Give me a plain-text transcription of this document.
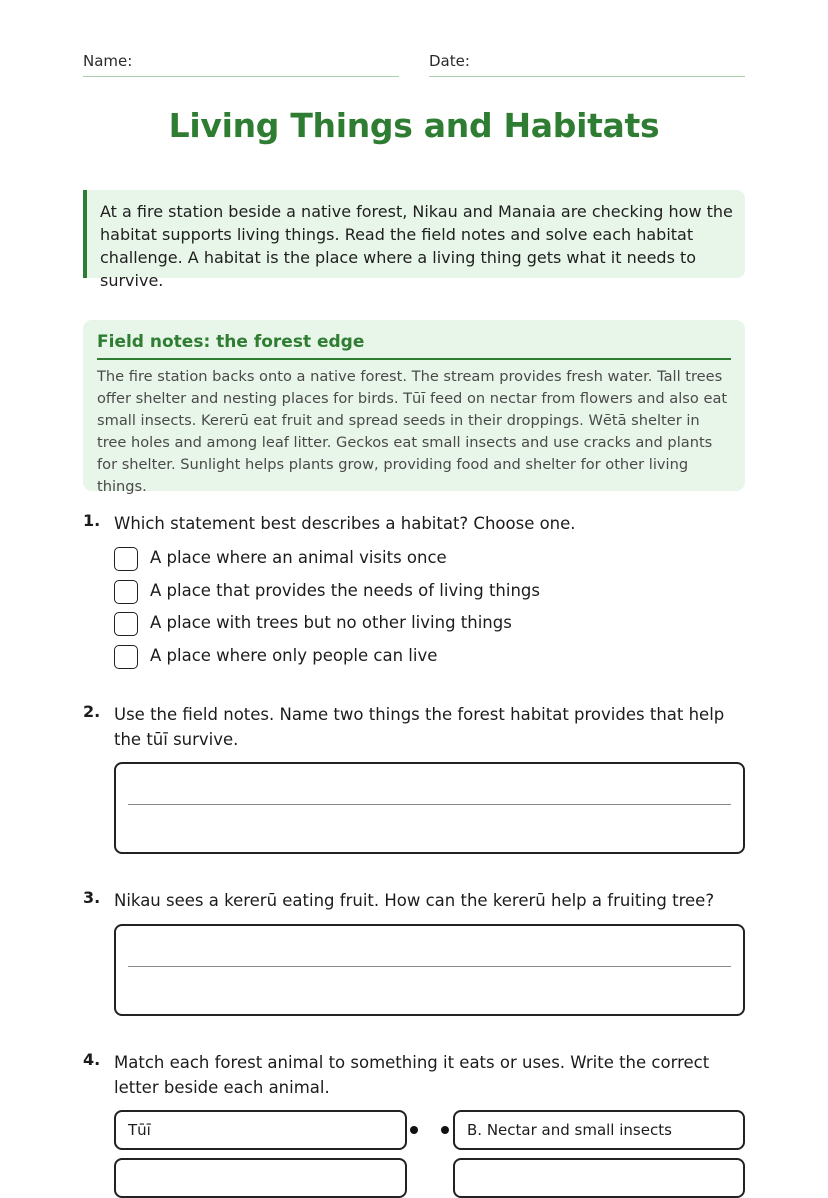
Name:	Date:
Living Things and Habitats
At a fire station beside a native forest, Nikau and Manaia are checking how the habitat supports living things. Read the field notes and solve each habitat challenge. A habitat is the place where a living thing gets what it needs to survive.
Field notes: the forest edge
The fire station backs onto a native forest. The stream provides fresh water. Tall trees offer shelter and nesting places for birds. Tūī feed on nectar from flowers and also eat small insects. Kererū eat fruit and spread seeds in their droppings. Wētā shelter in tree holes and among leaf litter. Geckos eat small insects and use cracks and plants for shelter. Sunlight helps plants grow, providing food and shelter for other living things.
1. Which statement best describes a habitat? Choose one.
A place where an animal visits once
A place that provides the needs of living things
A place with trees but no other living things
A place where only people can live
2. Use the field notes. Name two things the forest habitat provides that help the tūī survive.
3. Nikau sees a kererū eating fruit. How can the kererū help a fruiting tree?
4. Match each forest animal to something it eats or uses. Write the correct letter beside each animal.
Tūī	B. Nectar and small insects
